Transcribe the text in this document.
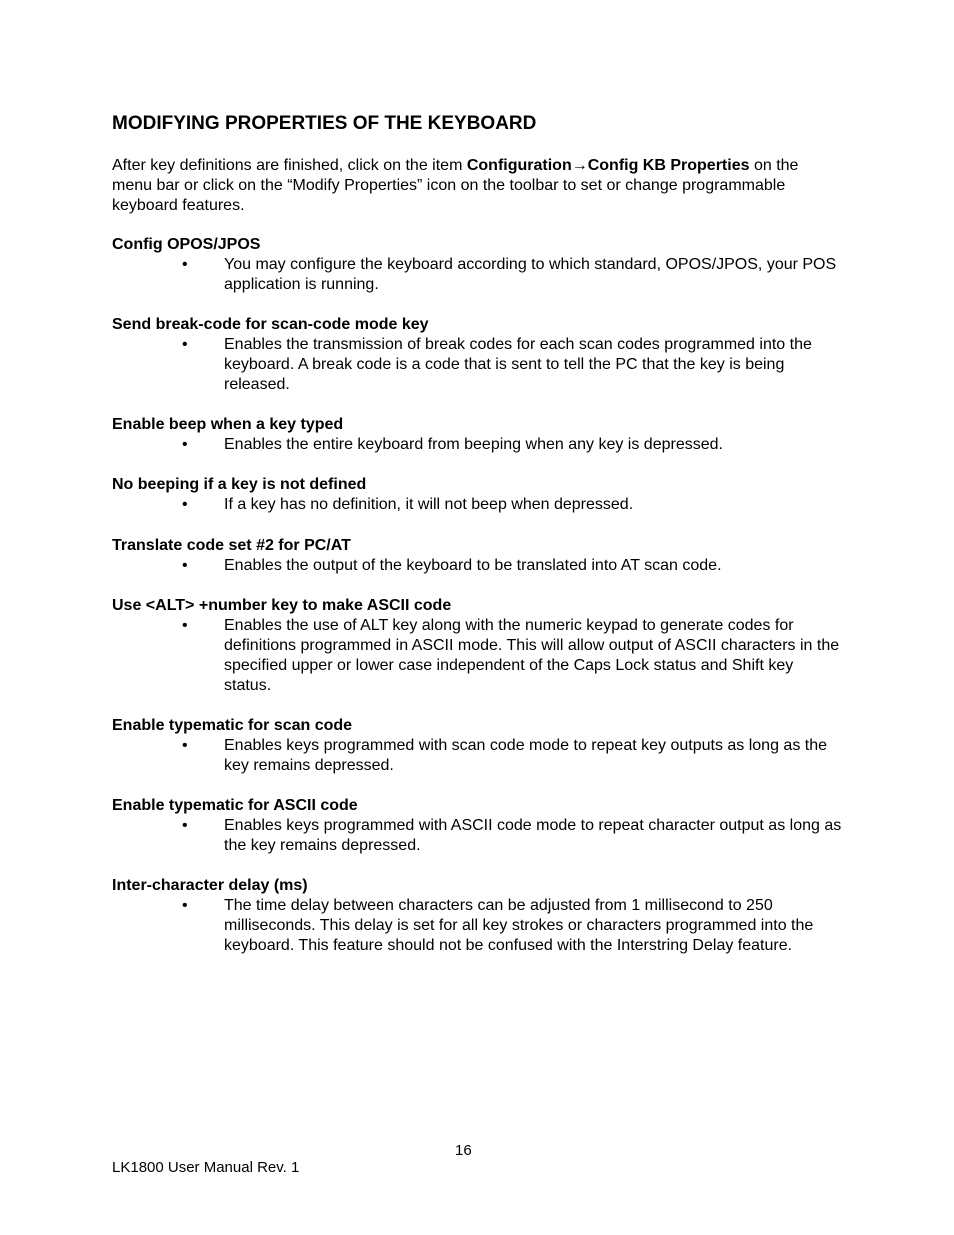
MODIFYING PROPERTIES OF THE KEYBOARD

After key definitions are finished, click on the item Configuration→Config KB Properties on the menu bar or click on the “Modify Properties” icon on the toolbar to set or change programmable keyboard features.

Config OPOS/JPOS

• You may configure the keyboard according to which standard, OPOS/JPOS, your POS application is running.

Send break-code for scan-code mode key

• Enables the transmission of break codes for each scan codes programmed into the keyboard. A break code is a code that is sent to tell the PC that the key is being released.

Enable beep when a key typed

• Enables the entire keyboard from beeping when any key is depressed.

No beeping if a key is not defined

• If a key has no definition, it will not beep when depressed.

Translate code set #2 for PC/AT

• Enables the output of the keyboard to be translated into AT scan code.

Use <ALT> +number key to make ASCII code

• Enables the use of ALT key along with the numeric keypad to generate codes for definitions programmed in ASCII mode. This will allow output of ASCII characters in the specified upper or lower case independent of the Caps Lock status and Shift key status.

Enable typematic for scan code

• Enables keys programmed with scan code mode to repeat key outputs as long as the key remains depressed.

Enable typematic for ASCII code

• Enables keys programmed with ASCII code mode to repeat character output as long as the key remains depressed.

Inter-character delay (ms)

• The time delay between characters can be adjusted from 1 millisecond to 250 milliseconds. This delay is set for all key strokes or characters programmed into the keyboard. This feature should not be confused with the Interstring Delay feature.
16
LK1800 User Manual Rev. 1
